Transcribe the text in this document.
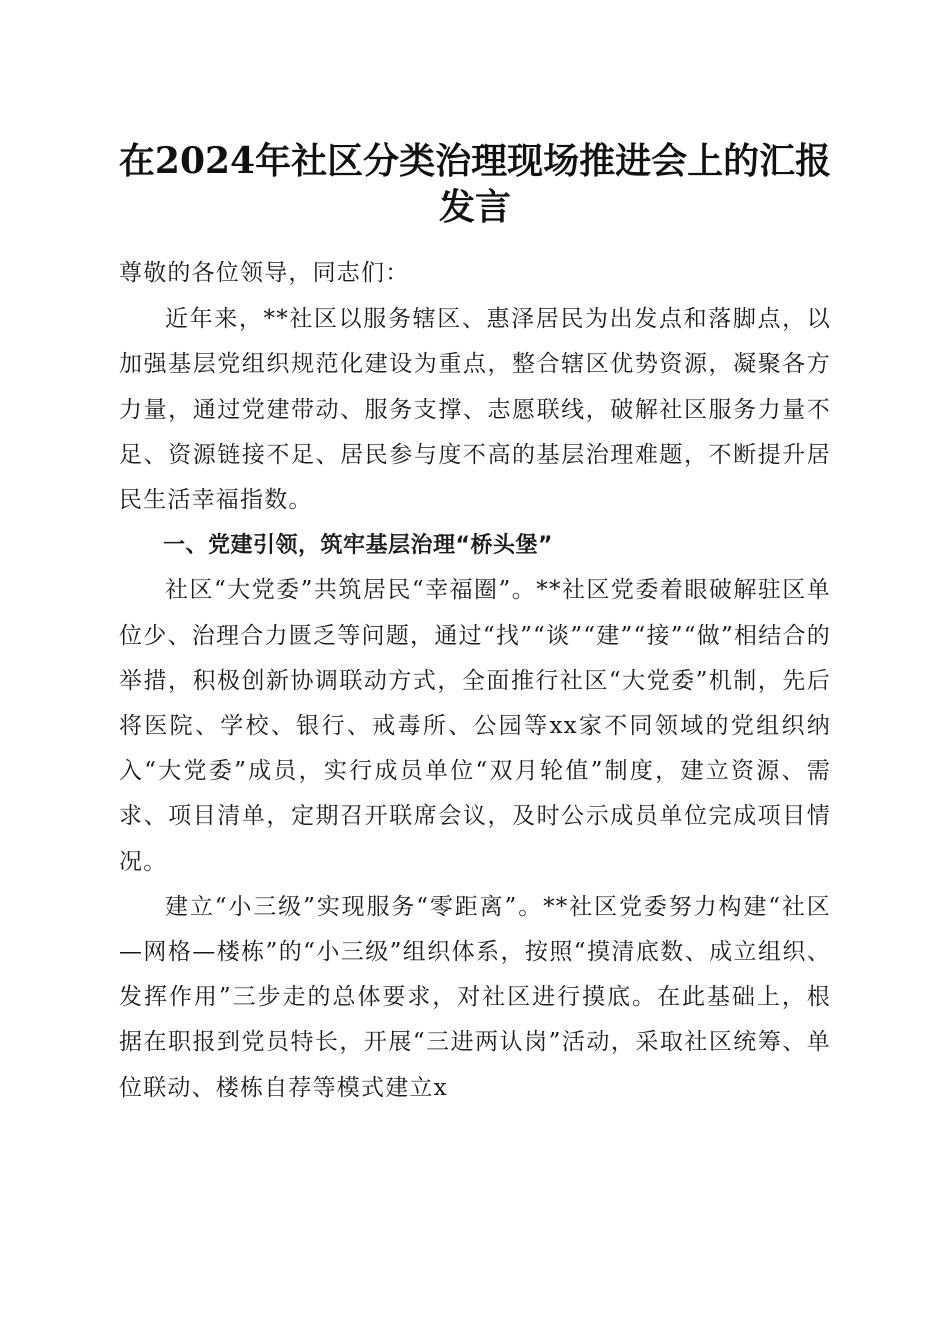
在2024年社区分类治理现场推进会上的汇报发言

尊敬的各位领导，同志们：

近年来，**社区以服务辖区、惠泽居民为出发点和落脚点，以加强基层党组织规范化建设为重点，整合辖区优势资源，凝聚各方力量，通过党建带动、服务支撑、志愿联线，破解社区服务力量不足、资源链接不足、居民参与度不高的基层治理难题，不断提升居民生活幸福指数。

一、党建引领，筑牢基层治理“桥头堡”

社区“大党委”共筑居民“幸福圈”。**社区党委着眼破解驻区单位少、治理合力匮乏等问题，通过“找”“谈”“建”“接”“做”相结合的举措，积极创新协调联动方式，全面推行社区“大党委”机制，先后将医院、学校、银行、戒毒所、公园等xx家不同领域的党组织纳入“大党委”成员，实行成员单位“双月轮值”制度，建立资源、需求、项目清单，定期召开联席会议，及时公示成员单位完成项目情况。

建立“小三级”实现服务“零距离”。**社区党委努力构建“社区—网格—楼栋”的“小三级”组织体系，按照“摸清底数、成立组织、发挥作用”三步走的总体要求，对社区进行摸底。在此基础上，根据在职报到党员特长，开展“三进两认岗”活动，采取社区统筹、单位联动、楼栋自荐等模式建立x
